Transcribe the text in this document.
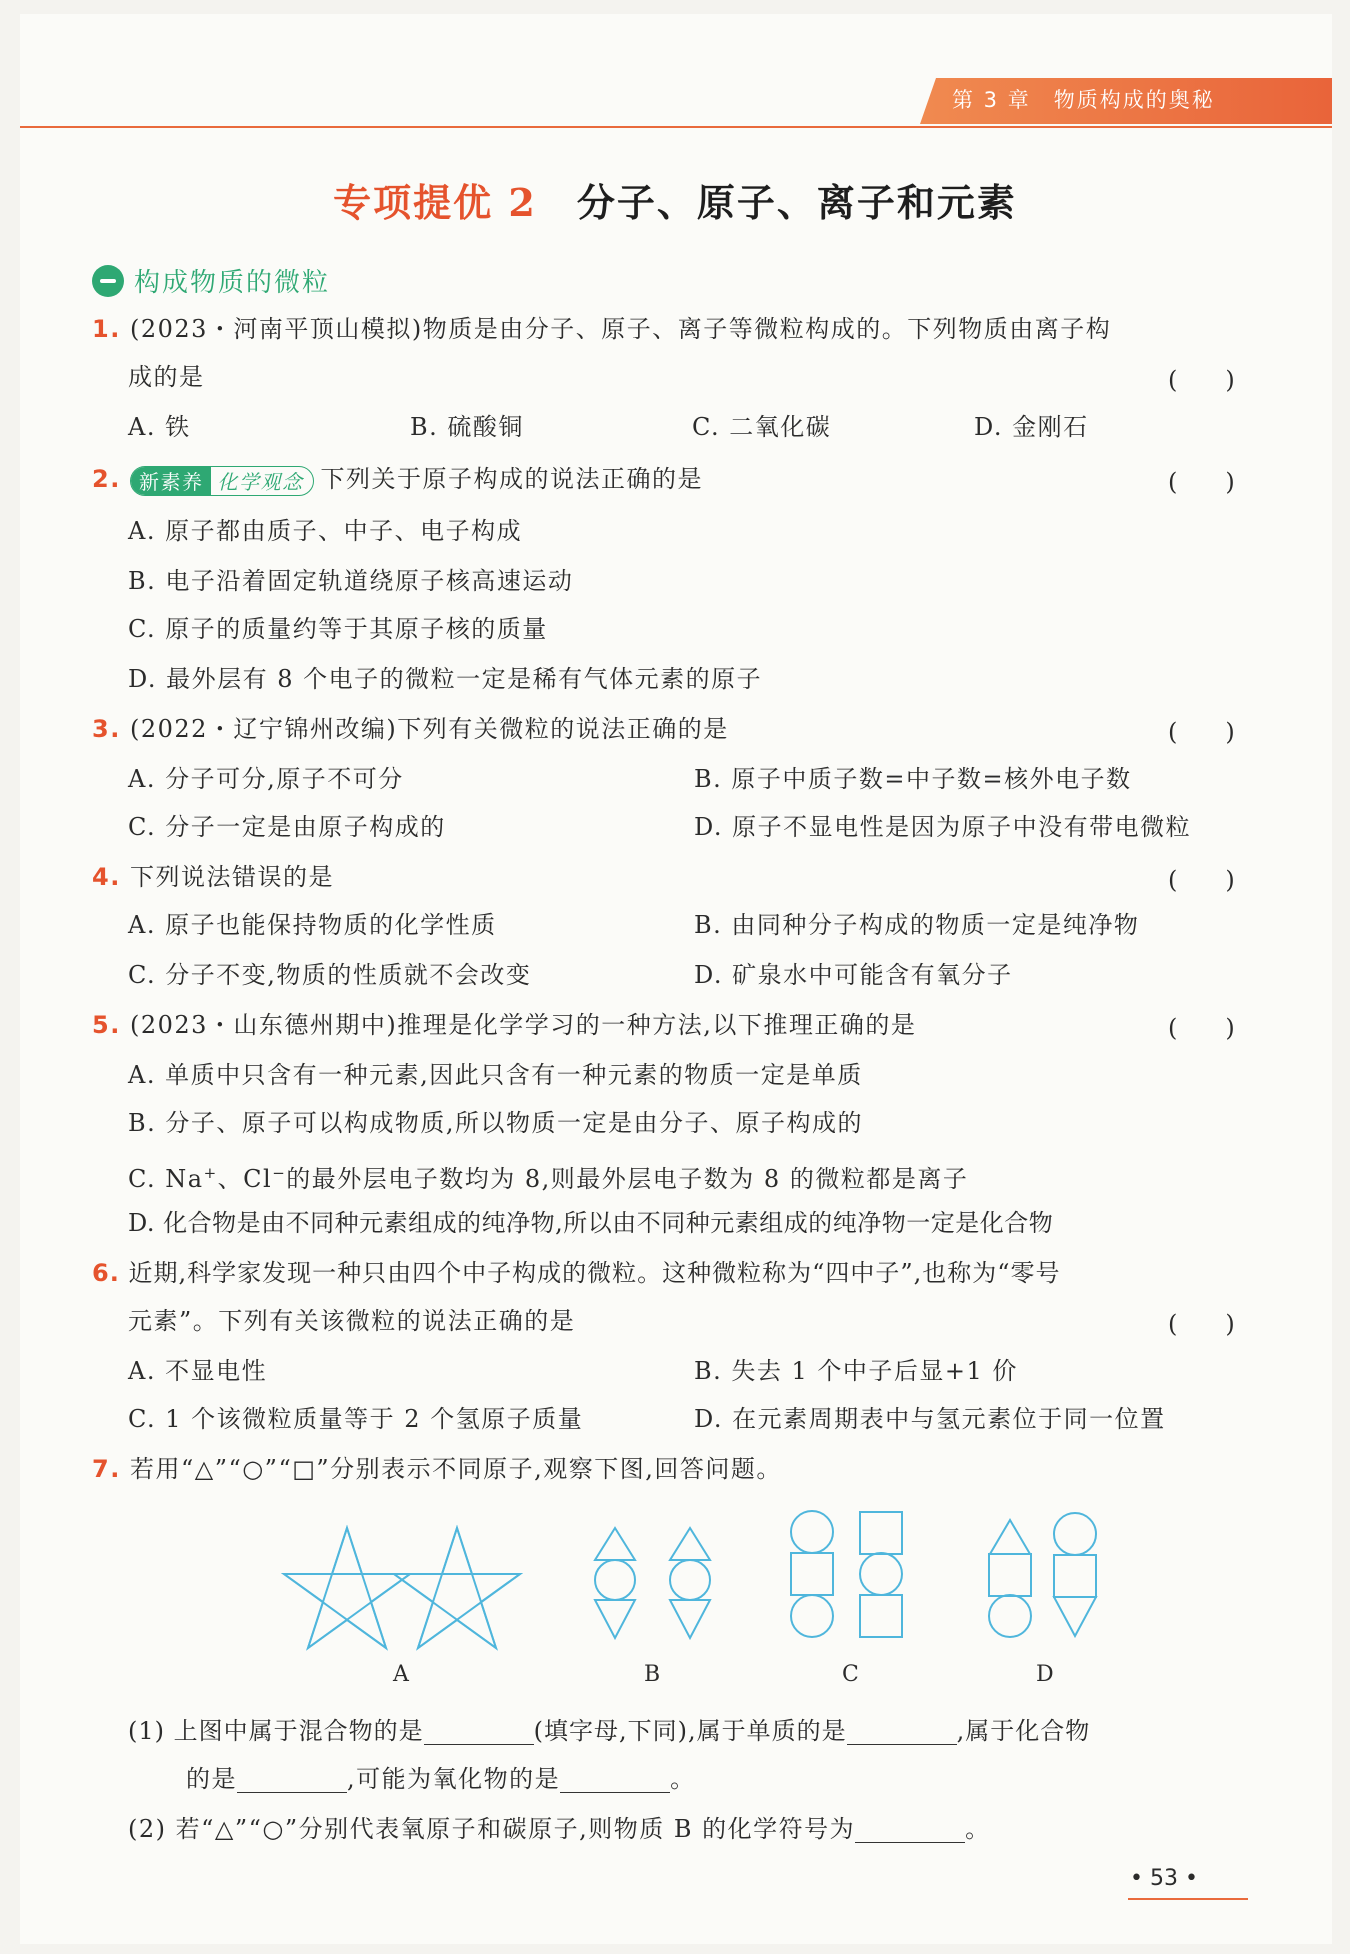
第 3 章　物质构成的奥秘
专项提优 2 分子、原子、离子和元素
构成物质的微粒
1. (2023・河南平顶山模拟)物质是由分子、原子、离子等微粒构成的。下列物质由离子构
成的是	(　　)
A. 铁	B. 硫酸铜	C. 二氧化碳	D. 金刚石
2. 新素养 化学观念 下列关于原子构成的说法正确的是	(　　)
A. 原子都由质子、中子、电子构成
B. 电子沿着固定轨道绕原子核高速运动
C. 原子的质量约等于其原子核的质量
D. 最外层有 8 个电子的微粒一定是稀有气体元素的原子
3. (2022・辽宁锦州改编)下列有关微粒的说法正确的是	(　　)
A. 分子可分,原子不可分	B. 原子中质子数=中子数=核外电子数
C. 分子一定是由原子构成的	D. 原子不显电性是因为原子中没有带电微粒
4. 下列说法错误的是	(　　)
A. 原子也能保持物质的化学性质	B. 由同种分子构成的物质一定是纯净物
C. 分子不变,物质的性质就不会改变	D. 矿泉水中可能含有氧分子
5. (2023・山东德州期中)推理是化学学习的一种方法,以下推理正确的是	(　　)
A. 单质中只含有一种元素,因此只含有一种元素的物质一定是单质
B. 分子、原子可以构成物质,所以物质一定是由分子、原子构成的
C. Na+、Cl−的最外层电子数均为 8,则最外层电子数为 8 的微粒都是离子
D. 化合物是由不同种元素组成的纯净物,所以由不同种元素组成的纯净物一定是化合物
6. 近期,科学家发现一种只由四个中子构成的微粒。这种微粒称为“四中子”,也称为“零号
元素”。下列有关该微粒的说法正确的是	(　　)
A. 不显电性	B. 失去 1 个中子后显+1 价
C. 1 个该微粒质量等于 2 个氢原子质量	D. 在元素周期表中与氢元素位于同一位置
7. 若用“△”“○”“□”分别表示不同原子,观察下图,回答问题。
A	B	C	D
(1) 上图中属于混合物的是	(填字母,下同),属于单质的是	,属于化合物
的是	,可能为氧化物的是	。
(2) 若“△”“○”分别代表氧原子和碳原子,则物质 B 的化学符号为	。
• 53 •
